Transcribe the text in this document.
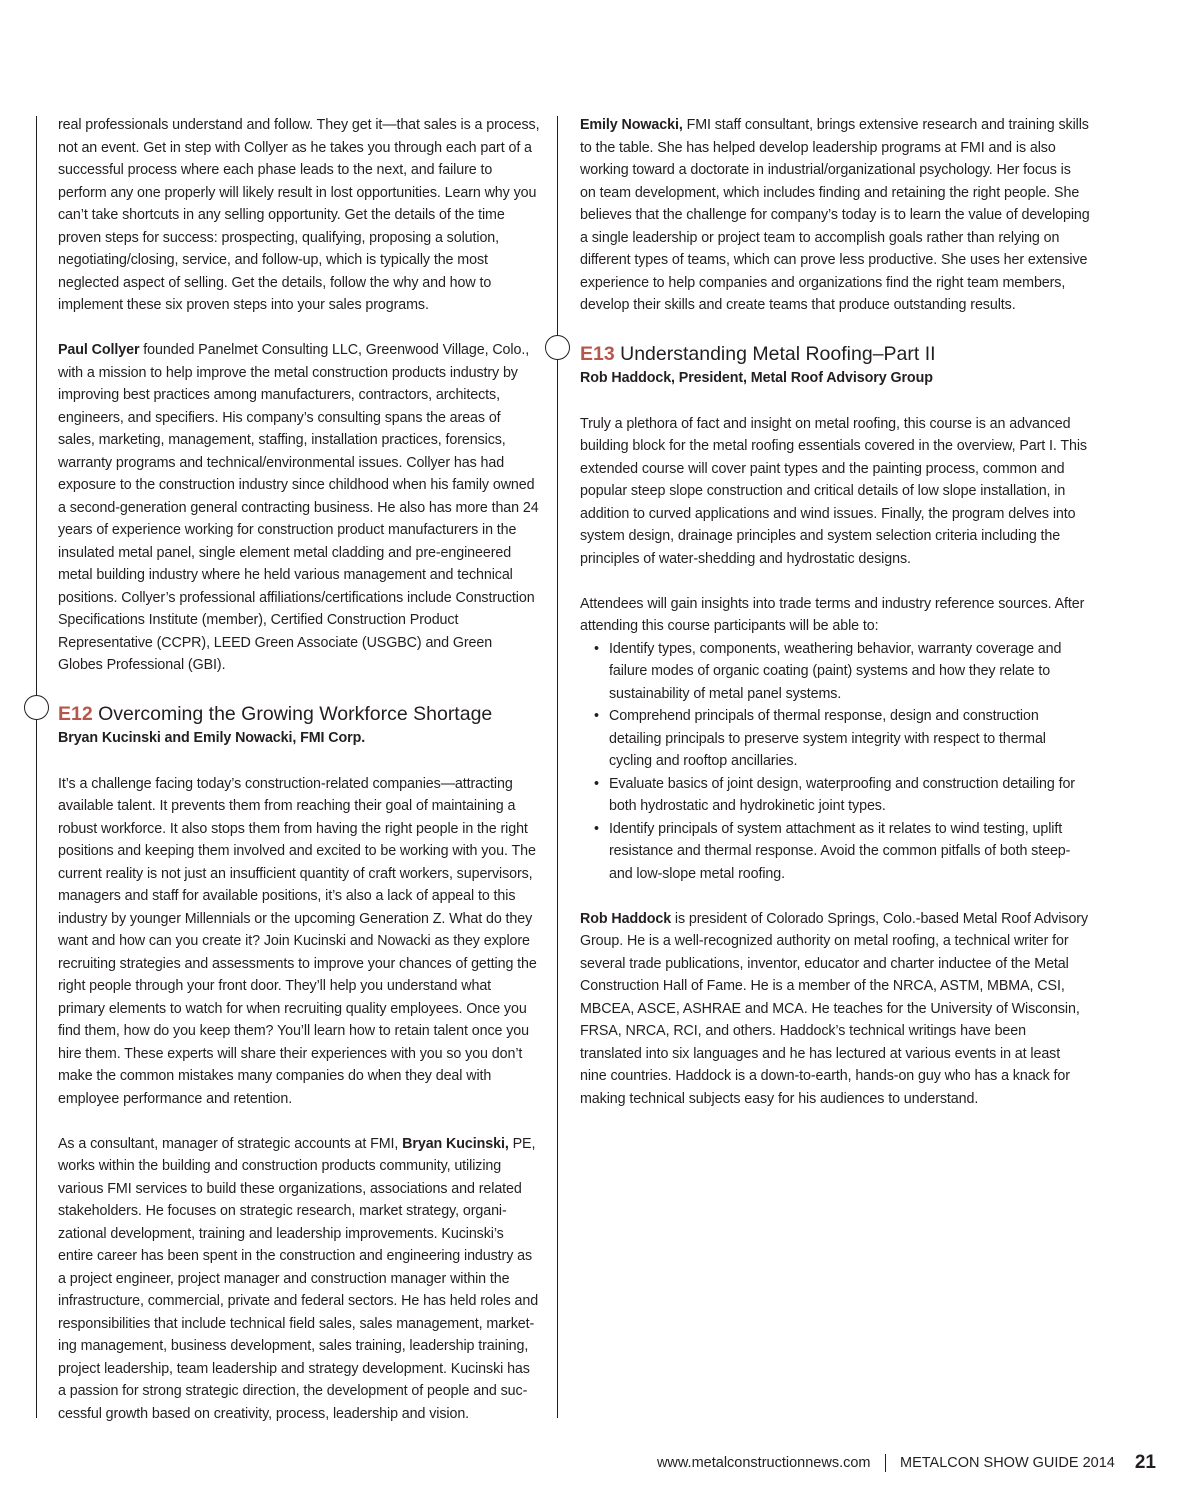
real professionals understand and follow. They get it—that sales is a process, not an event. Get in step with Collyer as he takes you through each part of a successful process where each phase leads to the next, and failure to perform any one properly will likely result in lost opportunities. Learn why you can’t take shortcuts in any selling opportunity. Get the details of the time proven steps for success: prospecting, qualifying, proposing a solution, negotiating/closing, service, and follow-up, which is typically the most neglected aspect of selling. Get the details, follow the why and how to implement these six proven steps into your sales programs.

Paul Collyer founded Panelmet Consulting LLC, Greenwood Village, Colo., with a mission to help improve the metal construction products industry by improving best practices among manufacturers, contractors, architects, engineers, and specifiers. His company’s consulting spans the areas of sales, marketing, management, staffing, installation practices, forensics, warranty programs and technical/environmental issues. Collyer has had exposure to the construction industry since childhood when his family owned a second-generation general contracting business. He also has more than 24 years of experience working for construction product manufacturers in the insulated metal panel, single element metal cladding and pre-engineered metal building industry where he held various management and technical positions. Collyer’s professional affiliations/certifications include Construction Specifications Institute (member), Certified Construction Product Representative (CCPR), LEED Green Associate (USGBC) and Green Globes Professional (GBI).

E12 Overcoming the Growing Workforce Shortage

Bryan Kucinski and Emily Nowacki, FMI Corp.

It’s a challenge facing today’s construction-related companies—attracting available talent. It prevents them from reaching their goal of maintaining a robust workforce. It also stops them from having the right people in the right positions and keeping them involved and excited to be working with you. The current reality is not just an insufficient quantity of craft workers, supervisors, managers and staff for available positions, it’s also a lack of appeal to this industry by younger Millennials or the upcoming Generation Z. What do they want and how can you create it? Join Kucinski and Nowacki as they explore recruiting strategies and assessments to improve your chances of getting the right people through your front door. They’ll help you understand what primary elements to watch for when recruiting quality employees. Once you find them, how do you keep them? You’ll learn how to retain talent once you hire them. These experts will share their experiences with you so you don’t make the common mistakes many companies do when they deal with employee performance and retention.

As a consultant, manager of strategic accounts at FMI, Bryan Kucinski, PE, works within the building and construction products community, utilizing various FMI services to build these organizations, associations and related stakeholders. He focuses on strategic research, market strategy, organizational development, training and leadership improvements. Kucinski’s entire career has been spent in the construction and engineering industry as a project engineer, project manager and construction manager within the infrastructure, commercial, private and federal sectors. He has held roles and responsibilities that include technical field sales, sales management, marketing management, business development, sales training, leadership training, project leadership, team leadership and strategy development. Kucinski has a passion for strong strategic direction, the development of people and successful growth based on creativity, process, leadership and vision.

Emily Nowacki, FMI staff consultant, brings extensive research and training skills to the table. She has helped develop leadership programs at FMI and is also working toward a doctorate in industrial/organizational psychology. Her focus is on team development, which includes finding and retaining the right people. She believes that the challenge for company’s today is to learn the value of developing a single leadership or project team to accomplish goals rather than relying on different types of teams, which can prove less productive. She uses her extensive experience to help companies and organizations find the right team members, develop their skills and create teams that produce outstanding results.

E13 Understanding Metal Roofing–Part II

Rob Haddock, President, Metal Roof Advisory Group

Truly a plethora of fact and insight on metal roofing, this course is an advanced building block for the metal roofing essentials covered in the overview, Part I. This extended course will cover paint types and the painting process, common and popular steep slope construction and critical details of low slope installation, in addition to curved applications and wind issues. Finally, the program delves into system design, drainage principles and system selection criteria including the principles of water-shedding and hydrostatic designs.

Attendees will gain insights into trade terms and industry reference sources. After attending this course participants will be able to:

• Identify types, components, weathering behavior, warranty coverage and failure modes of organic coating (paint) systems and how they relate to sustainability of metal panel systems.
• Comprehend principals of thermal response, design and construction detailing principals to preserve system integrity with respect to thermal cycling and rooftop ancillaries.
• Evaluate basics of joint design, waterproofing and construction detailing for both hydrostatic and hydrokinetic joint types.
• Identify principals of system attachment as it relates to wind testing, uplift resistance and thermal response. Avoid the common pitfalls of both steep- and low-slope metal roofing.

Rob Haddock is president of Colorado Springs, Colo.-based Metal Roof Advisory Group. He is a well-recognized authority on metal roofing, a technical writer for several trade publications, inventor, educator and charter inductee of the Metal Construction Hall of Fame. He is a member of the NRCA, ASTM, MBMA, CSI, MBCEA, ASCE, ASHRAE and MCA. He teaches for the University of Wisconsin, FRSA, NRCA, RCI, and others. Haddock’s technical writings have been translated into six languages and he has lectured at various events in at least nine countries. Haddock is a down-to-earth, hands-on guy who has a knack for making technical subjects easy for his audiences to understand.

www.metalconstructionnews.com METALCON SHOW GUIDE 2014 21
